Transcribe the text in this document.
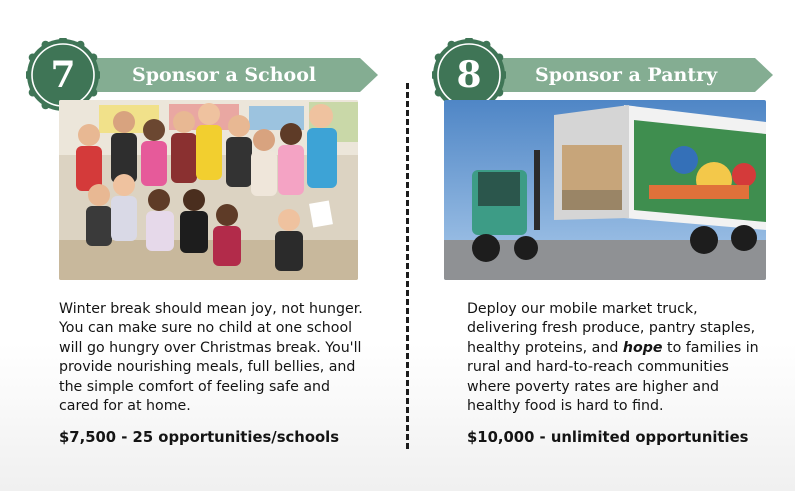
Sponsor a School
7
Winter break should mean joy, not hunger. You can make sure no child at one school will go hungry over Christmas break. You'll provide nourishing meals, full bellies, and the simple comfort of feeling safe and cared for at home.
$7,500 - 25 opportunities/schools
Sponsor a Pantry
8
Deploy our mobile market truck, delivering fresh produce, pantry staples, healthy proteins, and hope to families in rural and hard-to-reach communities where poverty rates are higher and healthy food is hard to find.
$10,000 - unlimited opportunities
